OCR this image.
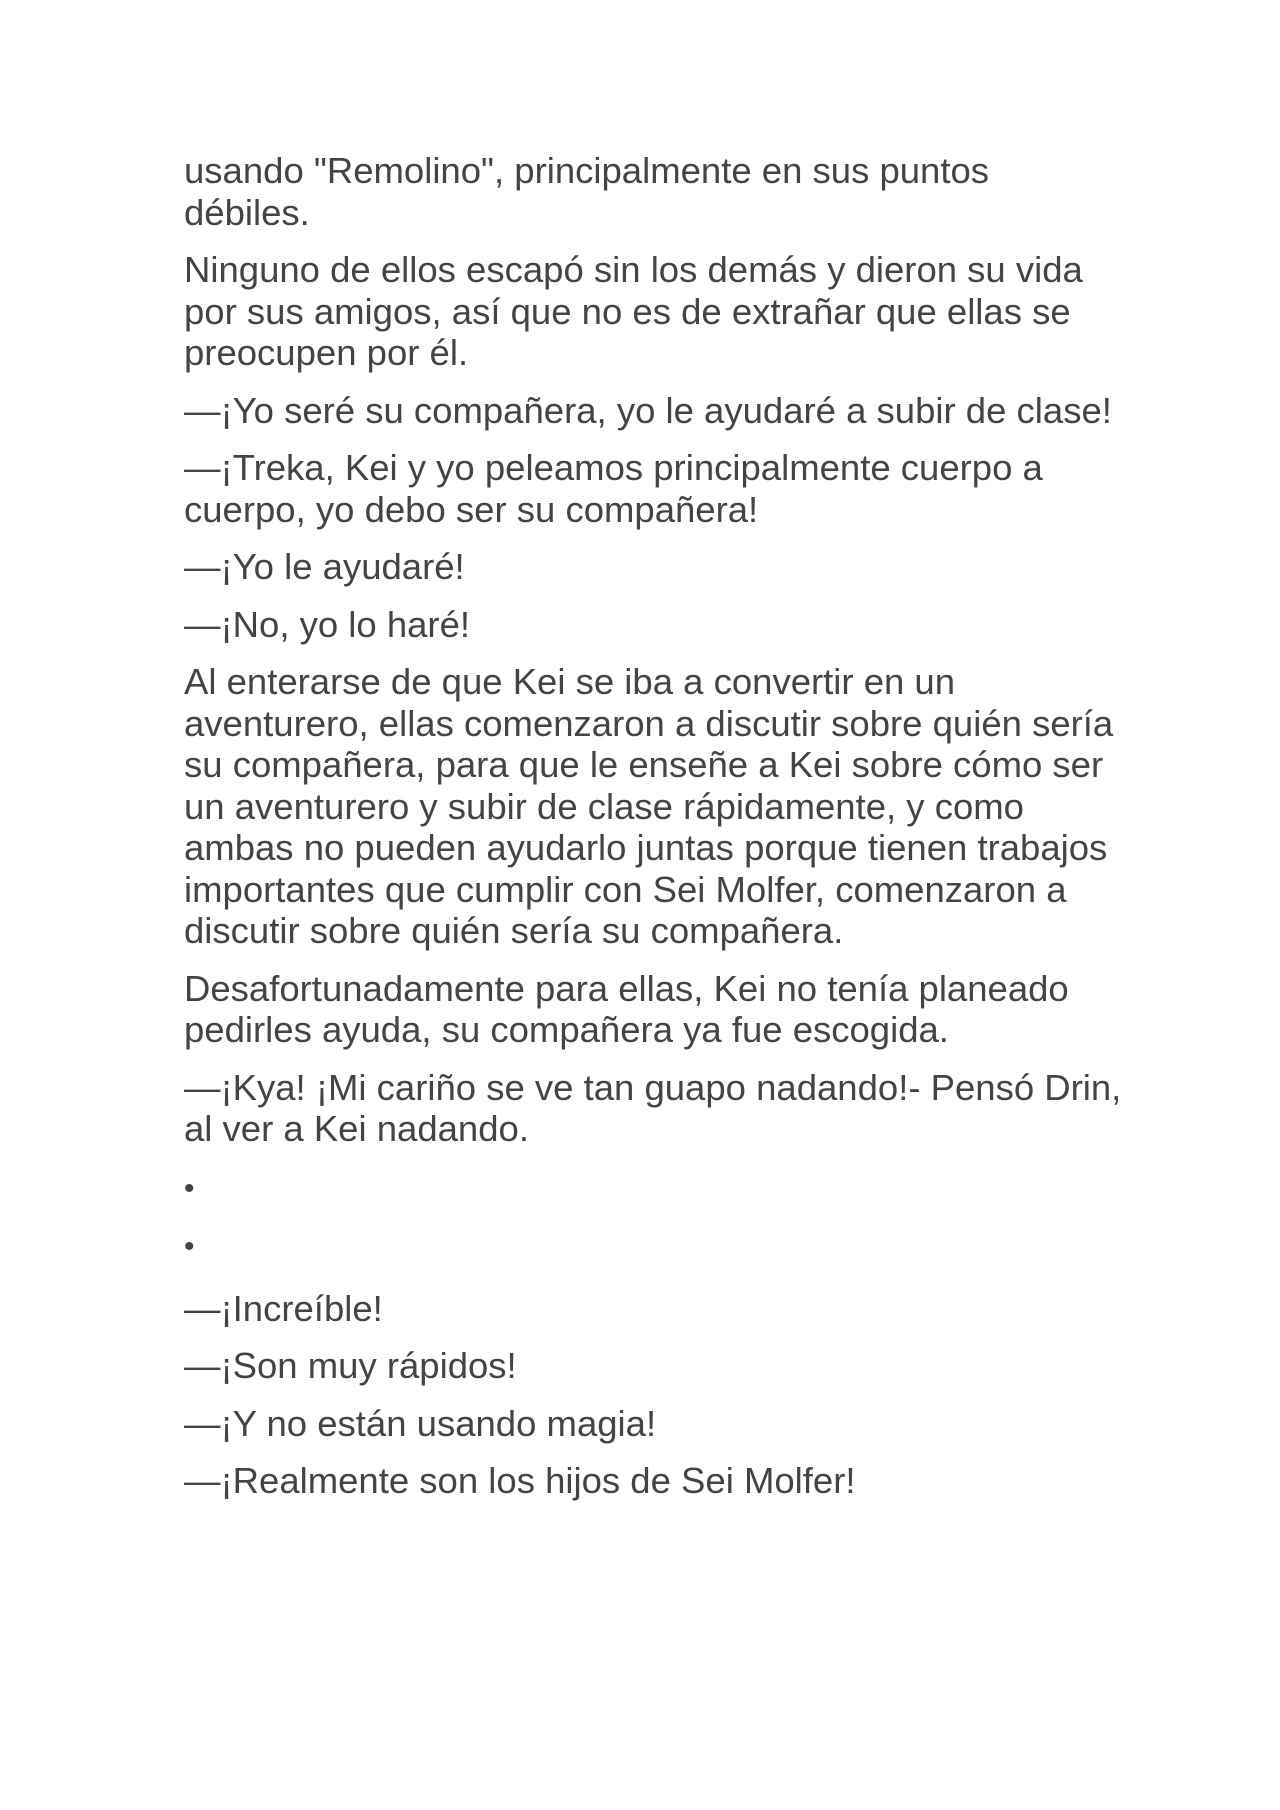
usando "Remolino", principalmente en sus puntos débiles.

Ninguno de ellos escapó sin los demás y dieron su vida por sus amigos, así que no es de extrañar que ellas se preocupen por él.

—¡Yo seré su compañera, yo le ayudaré a subir de clase!

—¡Treka, Kei y yo peleamos principalmente cuerpo a cuerpo, yo debo ser su compañera!

—¡Yo le ayudaré!

—¡No, yo lo haré!

Al enterarse de que Kei se iba a convertir en un aventurero, ellas comenzaron a discutir sobre quién sería su compañera, para que le enseñe a Kei sobre cómo ser un aventurero y subir de clase rápidamente, y como ambas no pueden ayudarlo juntas porque tienen trabajos importantes que cumplir con Sei Molfer, comenzaron a discutir sobre quién sería su compañera.

Desafortunadamente para ellas, Kei no tenía planeado pedirles ayuda, su compañera ya fue escogida.

—¡Kya! ¡Mi cariño se ve tan guapo nadando!- Pensó Drin, al ver a Kei nadando.

•

•

—¡Increíble!

—¡Son muy rápidos!

—¡Y no están usando magia!

—¡Realmente son los hijos de Sei Molfer!
